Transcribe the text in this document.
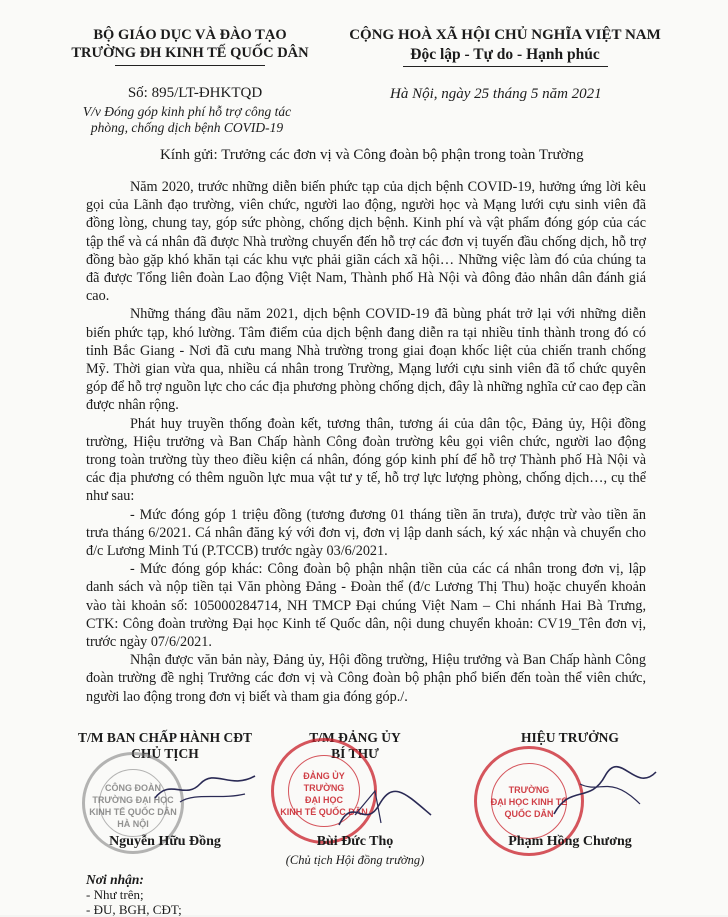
BỘ GIÁO DỤC VÀ ĐÀO TẠO
TRƯỜNG ĐH KINH TẾ QUỐC DÂN
CỘNG HOÀ XÃ HỘI CHỦ NGHĨA VIỆT NAM
Độc lập - Tự do - Hạnh phúc
Số: 895/LT-ĐHKTQD
V/v Đóng góp kinh phí hỗ trợ công tác
phòng, chống dịch bệnh COVID-19
Hà Nội, ngày 25 tháng 5 năm 2021
Kính gửi: Trưởng các đơn vị và Công đoàn bộ phận trong toàn Trường

Năm 2020, trước những diễn biến phức tạp của dịch bệnh COVID-19, hưởng ứng lời kêu gọi của Lãnh đạo trường, viên chức, người lao động, người học và Mạng lưới cựu sinh viên đã đồng lòng, chung tay, góp sức phòng, chống dịch bệnh. Kinh phí và vật phẩm đóng góp của các tập thể và cá nhân đã được Nhà trường chuyển đến hỗ trợ các đơn vị tuyến đầu chống dịch, hỗ trợ đồng bào gặp khó khăn tại các khu vực phải giãn cách xã hội… Những việc làm đó của chúng ta đã được Tổng liên đoàn Lao động Việt Nam, Thành phố Hà Nội và đông đảo nhân dân đánh giá cao.

Những tháng đầu năm 2021, dịch bệnh COVID-19 đã bùng phát trở lại với những diễn biến phức tạp, khó lường. Tâm điểm của dịch bệnh đang diễn ra tại nhiều tỉnh thành trong đó có tỉnh Bắc Giang - Nơi đã cưu mang Nhà trường trong giai đoạn khốc liệt của chiến tranh chống Mỹ. Thời gian vừa qua, nhiều cá nhân trong Trường, Mạng lưới cựu sinh viên đã tổ chức quyên góp để hỗ trợ nguồn lực cho các địa phương phòng chống dịch, đây là những nghĩa cử cao đẹp cần được nhân rộng.

Phát huy truyền thống đoàn kết, tương thân, tương ái của dân tộc, Đảng ủy, Hội đồng trường, Hiệu trưởng và Ban Chấp hành Công đoàn trường kêu gọi viên chức, người lao động trong toàn trường tùy theo điều kiện cá nhân, đóng góp kinh phí để hỗ trợ Thành phố Hà Nội và các địa phương có thêm nguồn lực mua vật tư y tế, hỗ trợ lực lượng phòng, chống dịch…, cụ thể như sau:

- Mức đóng góp 1 triệu đồng (tương đương 01 tháng tiền ăn trưa), được trừ vào tiền ăn trưa tháng 6/2021. Cá nhân đăng ký với đơn vị, đơn vị lập danh sách, ký xác nhận và chuyển cho đ/c Lương Minh Tú (P.TCCB) trước ngày 03/6/2021.

- Mức đóng góp khác: Công đoàn bộ phận nhận tiền của các cá nhân trong đơn vị, lập danh sách và nộp tiền tại Văn phòng Đảng - Đoàn thể (đ/c Lương Thị Thu) hoặc chuyển khoản vào tài khoản số: 105000284714, NH TMCP Đại chúng Việt Nam – Chi nhánh Hai Bà Trưng, CTK: Công đoàn trường Đại học Kinh tế Quốc dân, nội dung chuyển khoản: CV19_Tên đơn vị, trước ngày 07/6/2021.

Nhận được văn bản này, Đảng ủy, Hội đồng trường, Hiệu trưởng và Ban Chấp hành Công đoàn trường đề nghị Trưởng các đơn vị và Công đoàn bộ phận phổ biến đến toàn thể viên chức, người lao động trong đơn vị biết và tham gia đóng góp./.

T/M BAN CHẤP HÀNH CĐT
CHỦ TỊCH
CÔNG ĐOÀN
TRƯỜNG ĐẠI HỌC
KINH TẾ QUỐC DÂN
HÀ NỘI
Nguyễn Hữu Đồng
T/M ĐẢNG ỦY
BÍ THƯ
ĐẢNG ỦY
TRƯỜNG
ĐẠI HỌC
KINH TẾ QUỐC DÂN
Bùi Đức Thọ
(Chủ tịch Hội đồng trường)
HIỆU TRƯỞNG
TRƯỜNG
ĐẠI HỌC KINH TẾ
QUỐC DÂN
Phạm Hồng Chương
Nơi nhận:
- Như trên;
- ĐU, BGH, CĐT;
